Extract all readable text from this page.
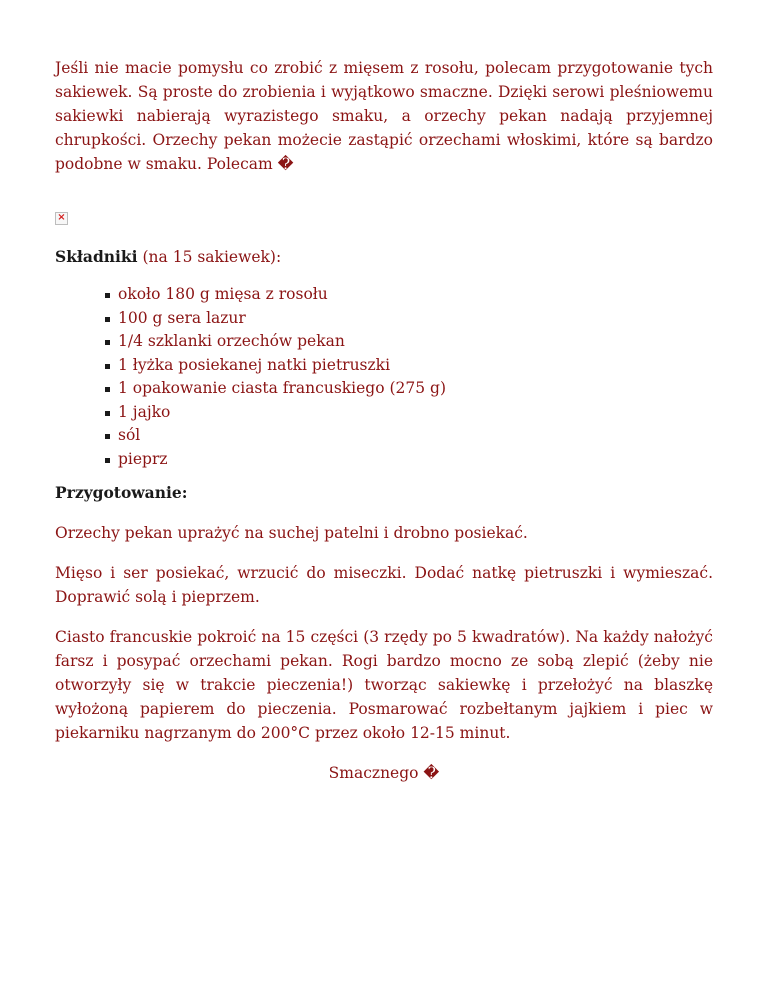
Jeśli nie macie pomysłu co zrobić z mięsem z rosołu, polecam przygotowanie tych sakiewek. Są proste do zrobienia i wyjątkowo smaczne. Dzięki serowi pleśniowemu sakiewki nabierają wyrazistego smaku, a orzechy pekan nadają przyjemnej chrupkości. Orzechy pekan możecie zastąpić orzechami włoskimi, które są bardzo podobne w smaku. Polecam �

×
Składniki (na 15 sakiewek):
około 180 g mięsa z rosołu
100 g sera lazur
1/4 szklanki orzechów pekan
1 łyżka posiekanej natki pietruszki
1 opakowanie ciasta francuskiego (275 g)
1 jajko
sól
pieprz
Przygotowanie:

Orzechy pekan uprażyć na suchej patelni i drobno posiekać.

Mięso i ser posiekać, wrzucić do miseczki. Dodać natkę pietruszki i wymieszać. Doprawić solą i pieprzem.

Ciasto francuskie pokroić na 15 części (3 rzędy po 5 kwadratów). Na każdy nałożyć farsz i posypać orzechami pekan. Rogi bardzo mocno ze sobą zlepić (żeby nie otworzyły się w trakcie pieczenia!) tworząc sakiewkę i przełożyć na blaszkę wyłożoną papierem do pieczenia. Posmarować rozbełtanym jajkiem i piec w piekarniku nagrzanym do 200°C przez około 12-15 minut.

Smacznego �
